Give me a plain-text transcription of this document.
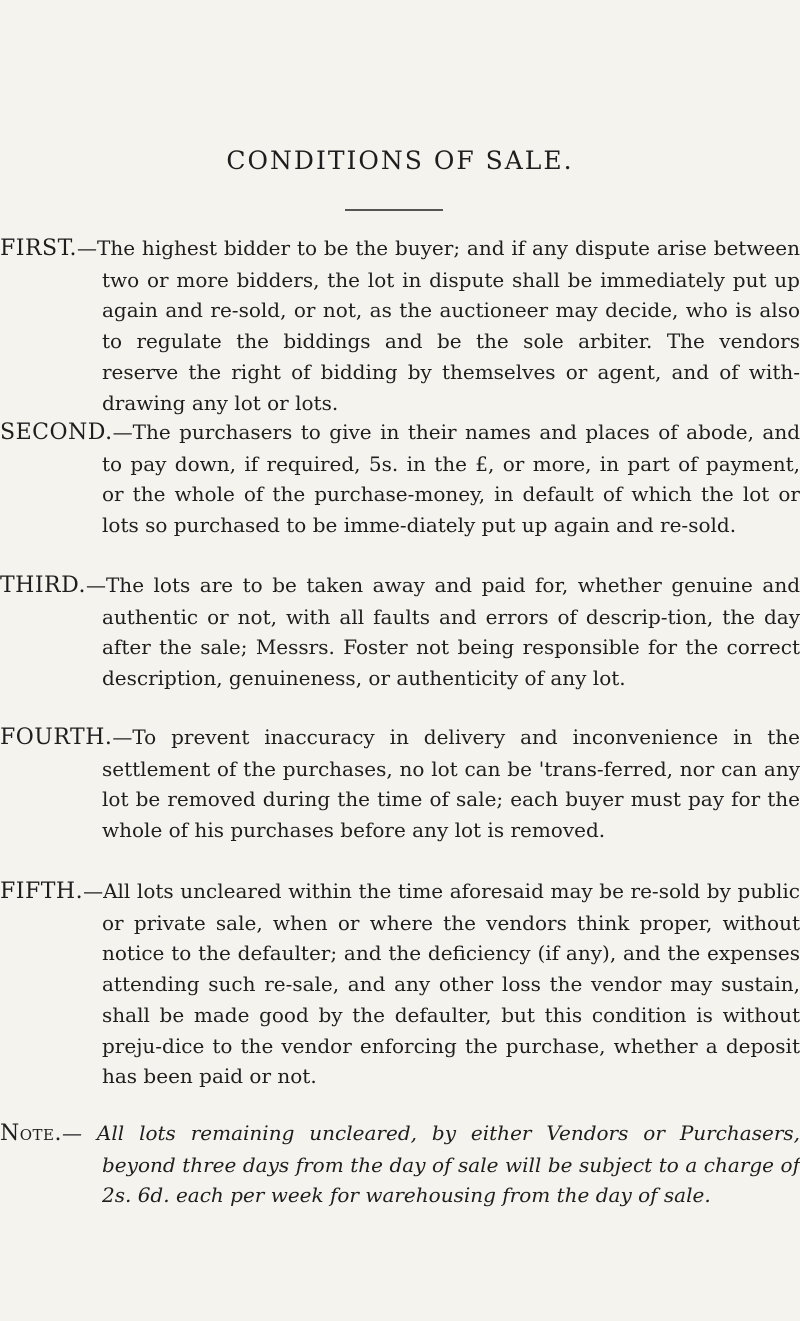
CONDITIONS OF SALE.

FIRST.—The highest bidder to be the buyer; and if any dispute arise between two or more bidders, the lot in dispute shall be immediately put up again and re-sold, or not, as the auctioneer may decide, who is also to regulate the biddings and be the sole arbiter. The vendors reserve the right of bidding by themselves or agent, and of with-drawing any lot or lots.

SECOND.—The purchasers to give in their names and places of abode, and to pay down, if required, 5s. in the £, or more, in part of payment, or the whole of the purchase-money, in default of which the lot or lots so purchased to be imme-diately put up again and re-sold.

THIRD.—The lots are to be taken away and paid for, whether genuine and authentic or not, with all faults and errors of descrip-tion, the day after the sale; Messrs. Foster not being responsible for the correct description, genuineness, or authenticity of any lot.

FOURTH.—To prevent inaccuracy in delivery and inconvenience in the settlement of the purchases, no lot can be 'trans-ferred, nor can any lot be removed during the time of sale; each buyer must pay for the whole of his purchases before any lot is removed.

FIFTH.—All lots uncleared within the time aforesaid may be re-sold by public or private sale, when or where the vendors think proper, without notice to the defaulter; and the deficiency (if any), and the expenses attending such re-sale, and any other loss the vendor may sustain, shall be made good by the defaulter, but this condition is without preju-dice to the vendor enforcing the purchase, whether a deposit has been paid or not.

Note.— All lots remaining uncleared, by either Vendors or Purchasers, beyond three days from the day of sale will be subject to a charge of 2s. 6d. each per week for warehousing from the day of sale.
